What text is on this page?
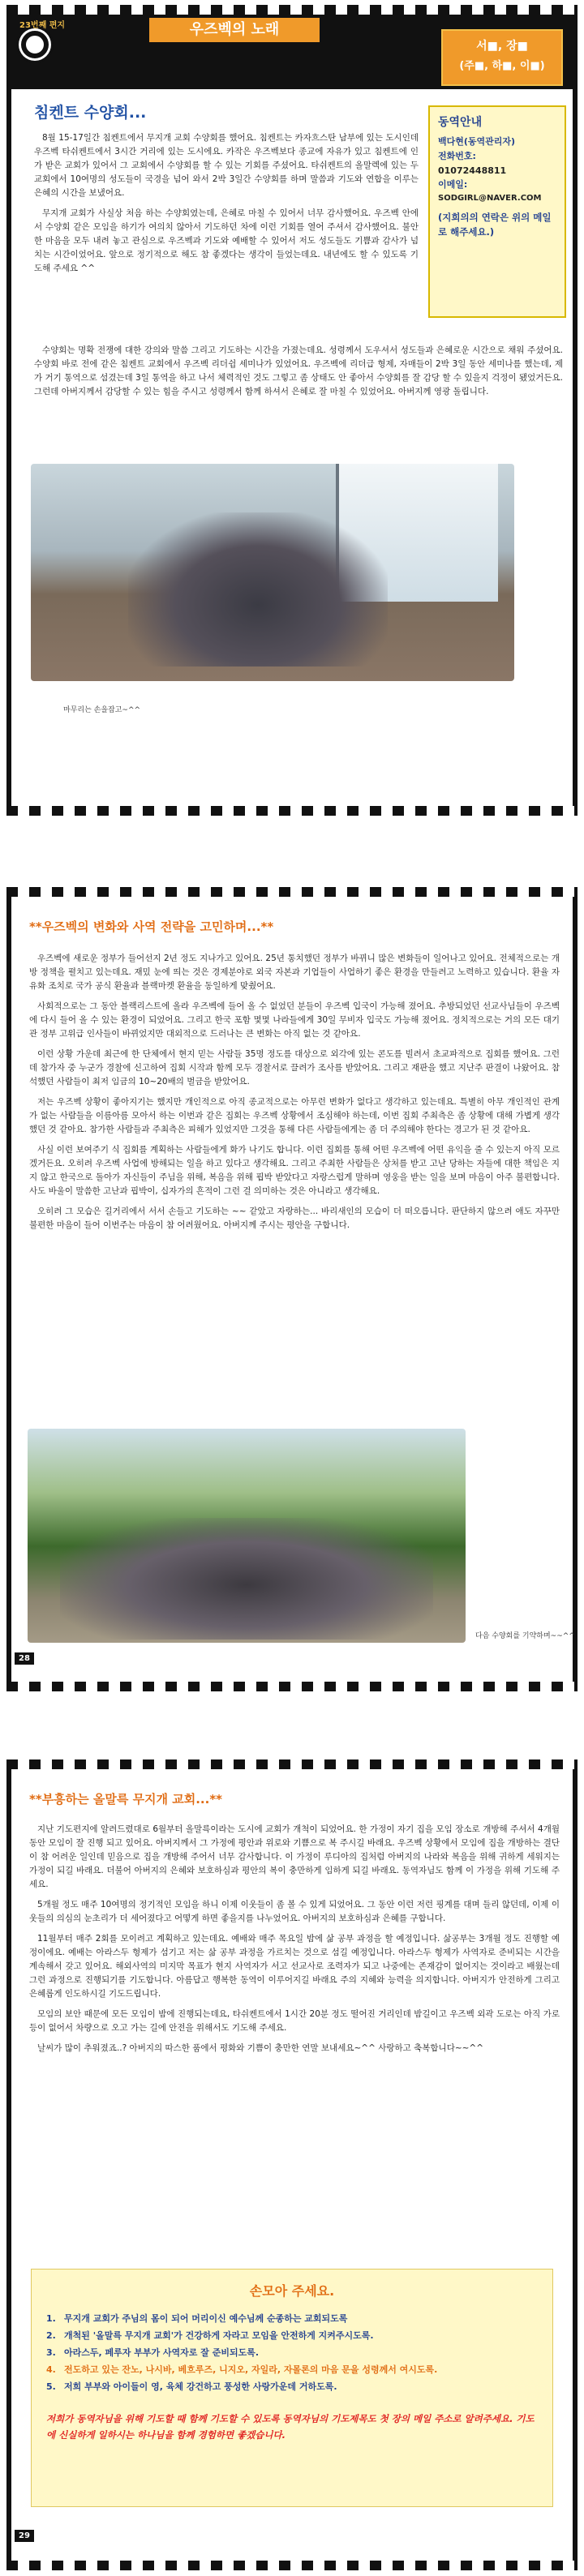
23번째 편지	우즈벡의 노래
서■, 장■
(주■, 하■, 이■)
침켄트 수양회...

8월 15-17일간 침켄트에서 무지개 교회 수양회를 했어요. 침켄트는 카자흐스탄 남부에 있는 도시인데 우즈벡 타쉬켄트에서 3시간 거리에 있는 도시에요. 카작은 우즈벡보다 종교에 자유가 있고 침켄트에 인가 받은 교회가 있어서 그 교회에서 수양회를 할 수 있는 기회를 주셨어요. 타쉬켄트의 올말렉에 있는 두 교회에서 10여명의 성도들이 국경을 넘어 와서 2박 3일간 수양회를 하며 말씀과 기도와 연합을 이루는 은혜의 시간을 보냈어요.

무지개 교회가 사실상 처음 하는 수양회였는데, 은혜로 마칠 수 있어서 너무 감사했어요. 우즈벡 안에서 수양회 같은 모임을 하기가 여의치 않아서 기도하던 차에 이런 기회를 열어 주셔서 감사했어요. 불안한 마음을 모두 내려 놓고 관심으로 우즈벡과 기도와 예배할 수 있어서 저도 성도들도 기쁨과 감사가 넘치는 시간이었어요. 앞으로 정기적으로 해도 참 좋겠다는 생각이 들었는데요. 내년에도 할 수 있도록 기도해 주세요 ^^

동역안내
백다현(동역관리자)
전화번호:
01072448811
이메일:
SODGIRL@NAVER.COM
(지희의의 연락은 위의 메일로 해주세요.)

수양회는 명확 전쟁에 대한 강의와 말씀 그리고 기도하는 시간을 가졌는데요. 성령께서 도우셔서 성도들과 은혜로운 시간으로 채워 주셨어요. 수양회 바로 전에 같은 침켄트 교회에서 우즈벡 리더쉽 세미나가 있었어요. 우즈벡에 리더급 형제, 자매들이 2박 3일 동안 세미나를 했는데, 제가 거기 통역으로 섬겼는데 3일 통역을 하고 나서 체력적인 것도 그렇고 좀 상태도 안 좋아서 수양회를 잘 감당 할 수 있을지 걱정이 됐었거든요. 그런데 아버지께서 감당할 수 있는 힘을 주시고 성령께서 함께 하셔서 은혜로 잘 마칠 수 있었어요. 아버지께 영광 돌립니다.

마무리는 손을잡고~^^
**우즈벡의 변화와 사역 전략을 고민하며...**

우즈벡에 새로운 정부가 들어선지 2년 정도 지나가고 있어요. 25년 통치했던 정부가 바뀌니 많은 변화들이 일어나고 있어요. 전체적으로는 개방 정책을 펼치고 있는데요. 재밌 눈에 띄는 것은 경제분야로 외국 자본과 기업들이 사업하기 좋은 환경을 만들려고 노력하고 있습니다. 환율 자유화 조치로 국가 공식 환율과 블랙마켓 환율을 동일하게 맞췄어요.

사회적으로는 그 동안 블랙리스트에 올라 우즈벡에 들어 올 수 없었던 분들이 우즈벡 입국이 가능해 졌어요. 추방되었던 선교사님들이 우즈벡에 다시 들어 올 수 있는 환경이 되었어요. 그리고 한국 포함 몇몇 나라들에게 30일 무비자 입국도 가능해 졌어요. 정치적으로는 거의 모든 대기관 정부 고위급 인사들이 바뀌었지만 대외적으로 드러나는 큰 변화는 아직 없는 것 같아요.

이런 상황 가운데 최근에 한 단체에서 현지 믿는 사람들 35명 정도를 대상으로 외각에 있는 콘도를 빌려서 초교파적으로 집회를 했어요. 그런데 참가자 중 누군가 경찰에 신고하여 집회 시작과 함께 모두 경찰서로 끌려가 조사를 받았어요. 그리고 재판을 했고 지난주 판결이 나왔어요. 참석했던 사람들이 최저 임금의 10~20배의 벌금을 받았어요.

저는 우즈벡 상황이 좋아지기는 했지만 개인적으로 아직 종교적으로는 아무런 변화가 없다고 생각하고 있는데요. 특별히 아무 개인적인 관계가 없는 사람들을 이름아름 모아서 하는 이번과 같은 집회는 우즈벡 상황에서 조심해야 하는데, 이번 집회 주최측은 좀 상황에 대해 가볍게 생각했던 것 같아요. 참가한 사람들과 주최측은 피해가 있었지만 그것을 통해 다른 사람들에게는 좀 더 주의해야 한다는 경고가 된 것 같아요.

사실 이런 보여주기 식 집회를 계획하는 사람들에게 화가 나기도 합니다. 이런 집회를 통해 어떤 우즈벡에 어떤 유익을 줄 수 있는지 아직 모르겠거든요. 오히려 우즈벡 사업에 방해되는 일을 하고 있다고 생각해요. 그리고 주최한 사람들은 상처를 받고 고난 당하는 자들에 대한 책임은 지지 않고 한국으로 돌아가 자신들이 주님을 위해, 복음을 위해 핍박 받았다고 자랑스럽게 말하며 영웅을 받는 일을 보며 마음이 아주 불편합니다. 사도 바울이 말씀한 고난과 핍박이, 십자가의 흔적이 그런 걸 의미하는 것은 아니라고 생각해요.

오히려 그 모습은 길거리에서 서서 손들고 기도하는 ~~ 같았고 자랑하는... 바리새인의 모습이 더 떠오릅니다. 판단하지 않으려 애도 자꾸만 불편한 마음이 들어 이번주는 마음이 참 어려웠어요. 아버지께 주시는 평안을 구합니다.

다음 수양회를 기약하며~~^^
28
**부흥하는 올말륵 무지개 교회...**

지난 기도편지에 알려드렸대로 6월부터 올말륵이라는 도시에 교회가 개척이 되었어요. 한 가정이 자기 집을 모임 장소로 개방해 주셔서 4개월 동안 모임이 잘 진행 되고 있어요. 아버지께서 그 가정에 평안과 위로와 기쁨으로 복 주시길 바래요. 우즈벡 상황에서 모임에 집을 개방하는 결단이 참 어려운 일인데 믿음으로 집을 개방해 주어서 너무 감사합니다. 이 가정이 루디아의 집처럼 아버지의 나라와 복음을 위해 귀하게 세워지는 가정이 되길 바래요. 더불어 아버지의 은혜와 보호하심과 평안의 복이 충만하게 임하게 되길 바래요. 동역자님도 함께 이 가정을 위해 기도해 주세요.

5개월 정도 매주 10여명의 정기적인 모임을 하니 이제 이웃들이 좀 볼 수 있게 되었어요. 그 동안 이런 저런 핑계를 대며 들리 않던데, 이제 이웃들의 의심의 눈초리가 더 세어졌다고 어떻게 하면 좋을지를 나누었어요. 아버지의 보호하심과 은혜를 구합니다.

11월부터 매주 2회를 모이려고 계획하고 있는데요. 예배와 매주 목요일 밤에 삶 공부 과정을 할 예정입니다. 삶공부는 3개월 정도 진행할 예정이에요. 예배는 아라스두 형제가 섬기고 저는 삶 공부 과정을 가르치는 것으로 섬길 예정입니다. 아라스두 형제가 사역자로 준비되는 시간을 계속해서 갖고 있어요. 해외사역의 미지막 목표가 현지 사역자가 서고 선교사로 조력자가 되고 나중에는 존재감이 없어지는 것이라고 배웠는데 그런 과정으로 진행되기를 기도합니다. 아름답고 행복한 동역이 이루어지길 바래요 주의 지혜와 능력을 의지합니다. 아버지가 안전하게 그리고 은혜롭게 인도하시길 기도드립니다.

모임의 보안 때문에 모든 모임이 밤에 진행되는데요, 타쉬켄트에서 1시간 20분 정도 떨어진 거리인데 밤길이고 우즈벡 외곽 도로는 아직 가로등이 없어서 차량으로 오고 가는 길에 안전을 위해서도 기도해 주세요.

날씨가 많이 추워졌죠..? 아버지의 따스한 품에서 평화와 기쁨이 충만한 연말 보내세요~^^ 사랑하고 축복합니다~~^^

손모아 주세요.
1. 무지개 교회가 주님의 몸이 되어 머리이신 예수님께 순종하는 교회되도록
2. 개척된 '올말륵 무지개 교회'가 건강하게 자라고 모임을 안전하게 지켜주시도록.
3. 아라스두, 페루자 부부가 사역자로 잘 준비되도록.
4. 전도하고 있는 잔노, 나시바, 베흐루즈, 니지오, 자일라, 자몰론의 마음 문을 성령께서 여시도록.
5. 저희 부부와 아이들이 영, 육체 강건하고 풍성한 사랑가운데 거하도록.
저희가 동역자님을 위해 기도할 때 함께 기도할 수 있도록 동역자님의 기도제목도 첫 장의 메일 주소로 알려주세요. 기도에 신실하게 일하시는 하나님을 함께 경험하면 좋겠습니다.
29
